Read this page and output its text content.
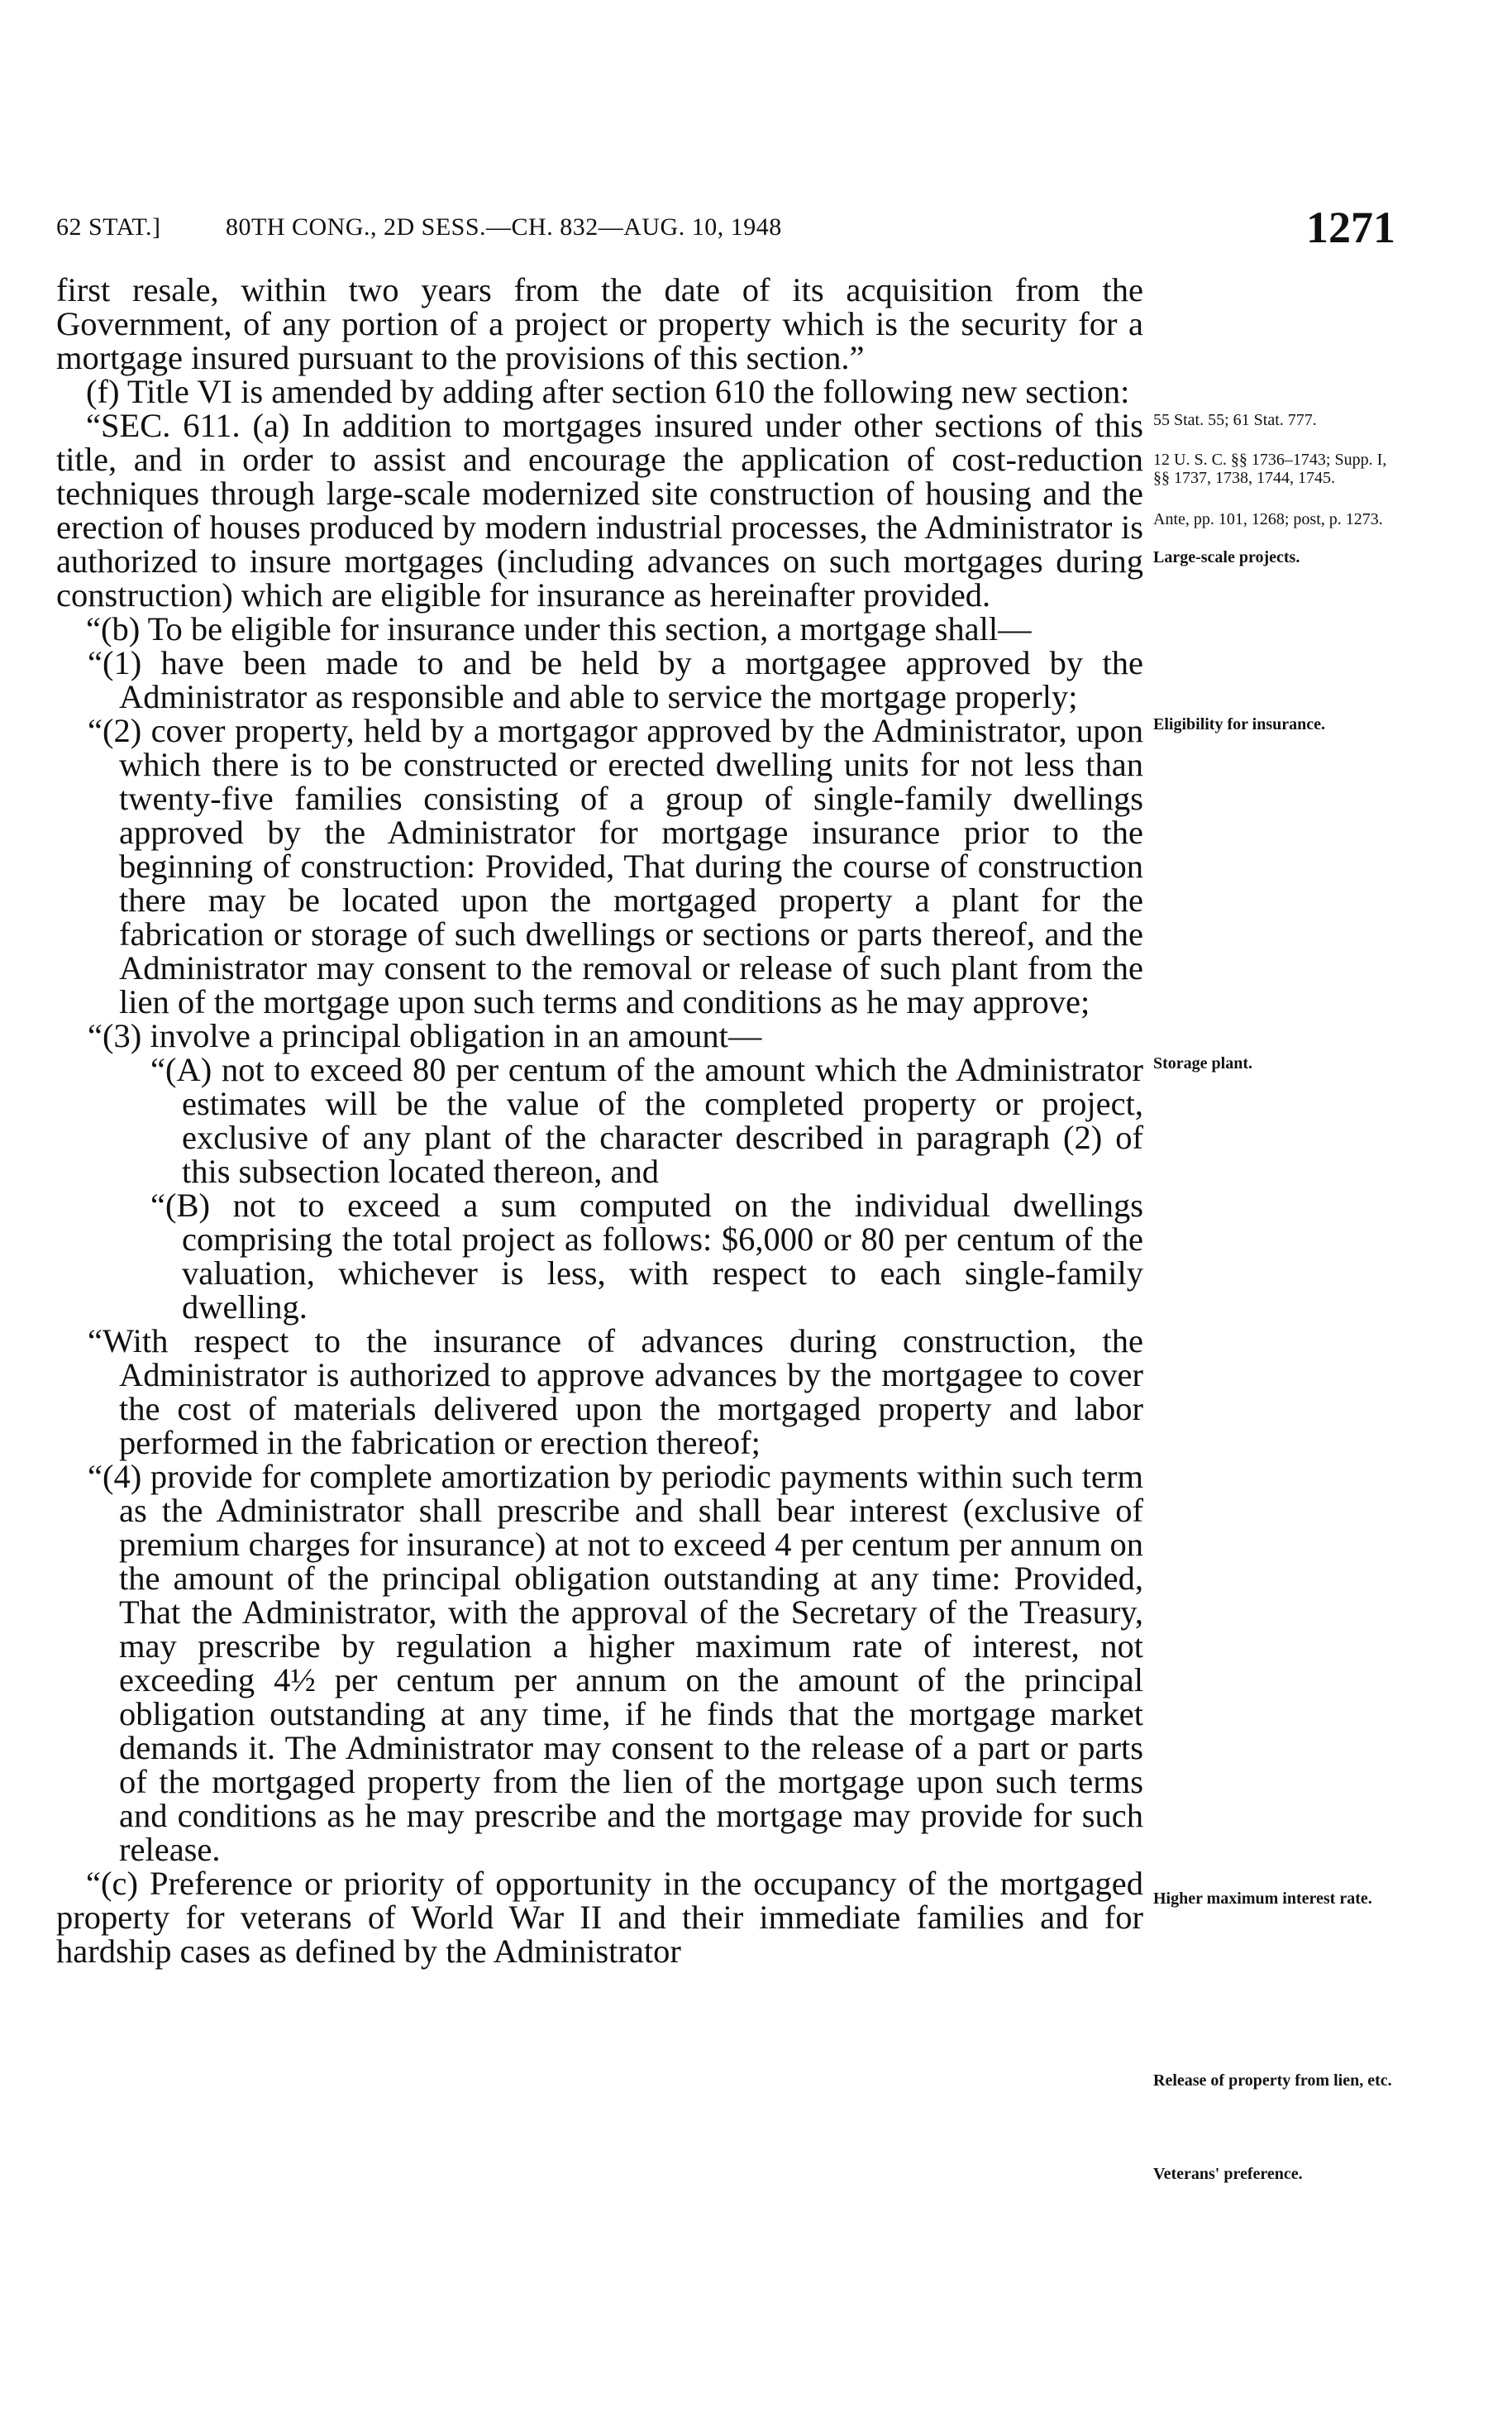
62 STAT.]	80TH CONG., 2D SESS.—CH. 832—AUG. 10, 1948	1271

first resale, within two years from the date of its acquisition from the Government, of any portion of a project or property which is the security for a mortgage insured pursuant to the provisions of this section.”

(f) Title VI is amended by adding after section 610 the following new section:

“SEC. 611. (a) In addition to mortgages insured under other sections of this title, and in order to assist and encourage the application of cost-reduction techniques through large-scale modernized site construction of housing and the erection of houses produced by modern industrial processes, the Administrator is authorized to insure mortgages (including advances on such mortgages during construction) which are eligible for insurance as hereinafter provided.

“(b) To be eligible for insurance under this section, a mortgage shall—

“(1) have been made to and be held by a mortgagee approved by the Administrator as responsible and able to service the mortgage properly;

“(2) cover property, held by a mortgagor approved by the Administrator, upon which there is to be constructed or erected dwelling units for not less than twenty-five families consisting of a group of single-family dwellings approved by the Administrator for mortgage insurance prior to the beginning of construction: Provided, That during the course of construction there may be located upon the mortgaged property a plant for the fabrication or storage of such dwellings or sections or parts thereof, and the Administrator may consent to the removal or release of such plant from the lien of the mortgage upon such terms and conditions as he may approve;

“(3) involve a principal obligation in an amount—

“(A) not to exceed 80 per centum of the amount which the Administrator estimates will be the value of the completed property or project, exclusive of any plant of the character described in paragraph (2) of this subsection located thereon, and

“(B) not to exceed a sum computed on the individual dwellings comprising the total project as follows: $6,000 or 80 per centum of the valuation, whichever is less, with respect to each single-family dwelling.

“With respect to the insurance of advances during construction, the Administrator is authorized to approve advances by the mortgagee to cover the cost of materials delivered upon the mortgaged property and labor performed in the fabrication or erection thereof;

“(4) provide for complete amortization by periodic payments within such term as the Administrator shall prescribe and shall bear interest (exclusive of premium charges for insurance) at not to exceed 4 per centum per annum on the amount of the principal obligation outstanding at any time: Provided, That the Administrator, with the approval of the Secretary of the Treasury, may prescribe by regulation a higher maximum rate of interest, not exceeding 4½ per centum per annum on the amount of the principal obligation outstanding at any time, if he finds that the mortgage market demands it. The Administrator may consent to the release of a part or parts of the mortgaged property from the lien of the mortgage upon such terms and conditions as he may prescribe and the mortgage may provide for such release.

“(c) Preference or priority of opportunity in the occupancy of the mortgaged property for veterans of World War II and their immediate families and for hardship cases as defined by the Administrator

55 Stat. 55; 61 Stat. 777.
12 U. S. C. §§ 1736–1743; Supp. I, §§ 1737, 1738, 1744, 1745.
Ante, pp. 101, 1268; post, p. 1273.
Large-scale projects.
Eligibility for insurance.
Storage plant.
Higher maximum interest rate.
Release of property from lien, etc.
Veterans' preference.
